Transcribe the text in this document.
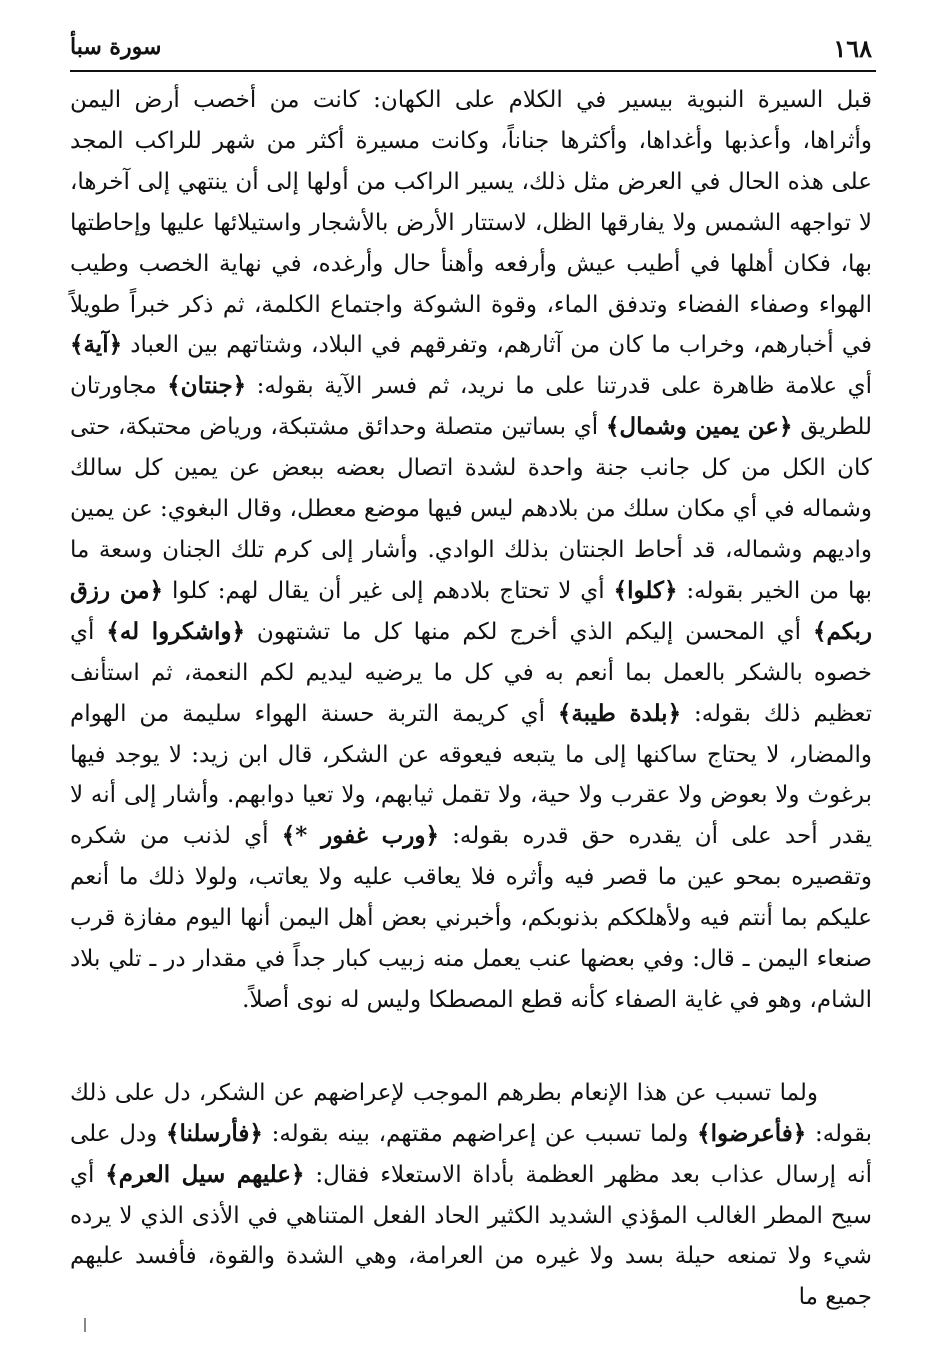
١٦٨
سورة سبأ

قبل السيرة النبوية بيسير في الكلام على الكهان: كانت من أخصب أرض اليمن وأثراها، وأعذبها وأغداها، وأكثرها جناناً، وكانت مسيرة أكثر من شهر للراكب المجد على هذه الحال في العرض مثل ذلك، يسير الراكب من أولها إلى أن ينتهي إلى آخرها، لا تواجهه الشمس ولا يفارقها الظل، لاستتار الأرض بالأشجار واستيلائها عليها وإحاطتها بها، فكان أهلها في أطيب عيش وأرفعه وأهنأ حال وأرغده، في نهاية الخصب وطيب الهواء وصفاء الفضاء وتدفق الماء، وقوة الشوكة واجتماع الكلمة، ثم ذكر خبراً طويلاً في أخبارهم، وخراب ما كان من آثارهم، وتفرقهم في البلاد، وشتاتهم بين العباد ﴿آية﴾ أي علامة ظاهرة على قدرتنا على ما نريد، ثم فسر الآية بقوله: ﴿جنتان﴾ مجاورتان للطريق ﴿عن يمين وشمال﴾ أي بساتين متصلة وحدائق مشتبكة، ورياض محتبكة، حتى كان الكل من كل جانب جنة واحدة لشدة اتصال بعضه ببعض عن يمين كل سالك وشماله في أي مكان سلك من بلادهم ليس فيها موضع معطل، وقال البغوي: عن يمين واديهم وشماله، قد أحاط الجنتان بذلك الوادي. وأشار إلى كرم تلك الجنان وسعة ما بها من الخير بقوله: ﴿كلوا﴾ أي لا تحتاج بلادهم إلى غير أن يقال لهم: كلوا ﴿من رزق ربكم﴾ أي المحسن إليكم الذي أخرج لكم منها كل ما تشتهون ﴿واشكروا له﴾ أي خصوه بالشكر بالعمل بما أنعم به في كل ما يرضيه ليديم لكم النعمة، ثم استأنف تعظيم ذلك بقوله: ﴿بلدة طيبة﴾ أي كريمة التربة حسنة الهواء سليمة من الهوام والمضار، لا يحتاج ساكنها إلى ما يتبعه فيعوقه عن الشكر، قال ابن زيد: لا يوجد فيها برغوث ولا بعوض ولا عقرب ولا حية، ولا تقمل ثيابهم، ولا تعيا دوابهم. وأشار إلى أنه لا يقدر أحد على أن يقدره حق قدره بقوله: ﴿ورب غفور *﴾ أي لذنب من شكره وتقصيره بمحو عين ما قصر فيه وأثره فلا يعاقب عليه ولا يعاتب، ولولا ذلك ما أنعم عليكم بما أنتم فيه ولأهلككم بذنوبكم، وأخبرني بعض أهل اليمن أنها اليوم مفازة قرب صنعاء اليمن ـ قال: وفي بعضها عنب يعمل منه زبيب كبار جداً في مقدار در ـ تلي بلاد الشام، وهو في غاية الصفاء كأنه قطع المصطكا وليس له نوى أصلاً.

ولما تسبب عن هذا الإنعام بطرهم الموجب لإعراضهم عن الشكر، دل على ذلك بقوله: ﴿فأعرضوا﴾ ولما تسبب عن إعراضهم مقتهم، بينه بقوله: ﴿فأرسلنا﴾ ودل على أنه إرسال عذاب بعد مظهر العظمة بأداة الاستعلاء فقال: ﴿عليهم سيل العرم﴾ أي سيح المطر الغالب المؤذي الشديد الكثير الحاد الفعل المتناهي في الأذى الذي لا يرده شيء ولا تمنعه حيلة بسد ولا غيره من العرامة، وهي الشدة والقوة، فأفسد عليهم جميع ما
